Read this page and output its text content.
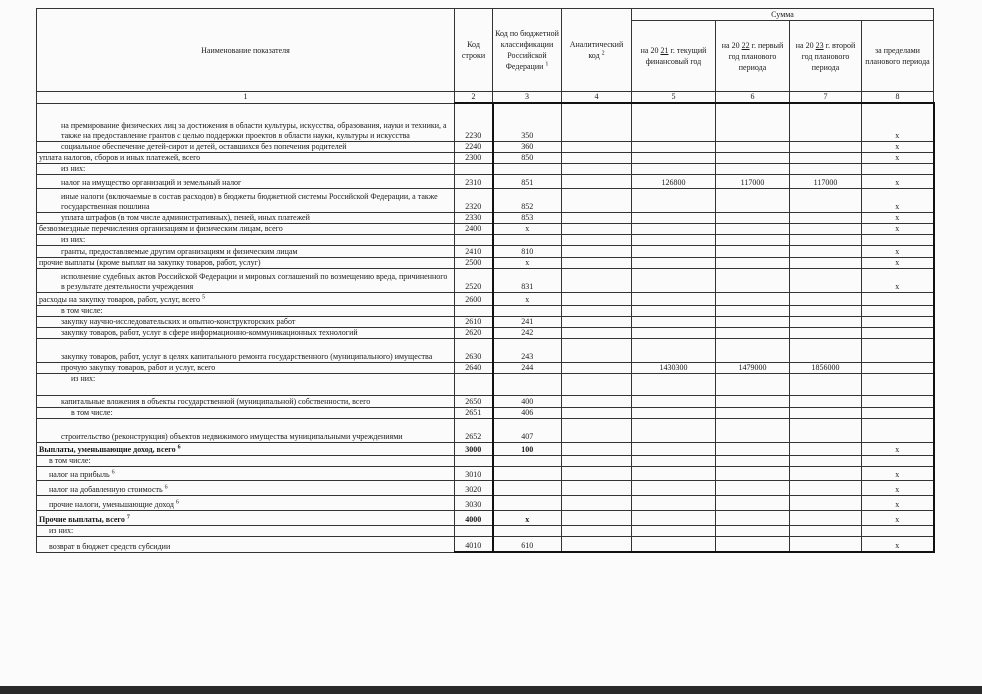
Наименование показателя	Код строки	Код по бюджетной классификации Российской Федерации $^1$	Аналитический код $^2$	Сумма			
				на 20 21 г. текущий финансовый год	на 20 22 г. первый год планового периода	на 20 23 г. второй год планового периода	за пределами планового периода
1	2	3	4	5	6	7	8
на премирование физических лиц за достижения в области культуры, искусства, образования, науки и техники, а также на предоставление грантов с целью поддержки проектов в области науки, культуры и искусства	2230	350					х
социальное обеспечение детей-сирот и детей, оставшихся без попечения родителей	2240	360					х
уплата налогов, сборов и иных платежей, всего	2300	850					х
из них:							
налог на имущество организаций и земельный налог	2310	851		126800	117000	117000	х
иные налоги (включаемые в состав расходов) в бюджеты бюджетной системы Российской Федерации, а также государственная пошлина	2320	852					х
уплата штрафов (в том числе административных), пеней, иных платежей	2330	853					х
безвозмездные перечисления организациям и физическим лицам, всего	2400	х					х
из них:							
гранты, предоставляемые другим организациям и физическим лицам	2410	810					х
прочие выплаты (кроме выплат на закупку товаров, работ, услуг)	2500	х					х
исполнение судебных актов Российской Федерации и мировых соглашений по возмещению вреда, причиненного в результате деятельности учреждения	2520	831					х
расходы на закупку товаров, работ, услуг, всего $^5$	2600	х					
в том числе:							
закупку научно-исследовательских и опытно-конструкторских работ	2610	241					
закупку товаров, работ, услуг в сфере информационно-коммуникационных технологий	2620	242					
закупку товаров, работ, услуг в целях капитального ремонта государственного (муниципального) имущества	2630	243					
прочую закупку товаров, работ и услуг, всего	2640	244		1430300	1479000	1856000	
из них:							
капитальные вложения в объекты государственной (муниципальной) собственности, всего	2650	400					
в том числе:	2651	406					
строительство (реконструкция) объектов недвижимого имущества муниципальными учреждениями	2652	407					
Выплаты, уменьшающие доход, всего $^6$	3000	100					х
в том числе:							
налог на прибыль $^6$	3010						х
налог на добавленную стоимость $^6$	3020						х
прочие налоги, уменьшающие доход $^6$	3030						х
Прочие выплаты, всего $^7$	4000	х					х
из них:							
возврат в бюджет средств субсидии	4010	610					х
